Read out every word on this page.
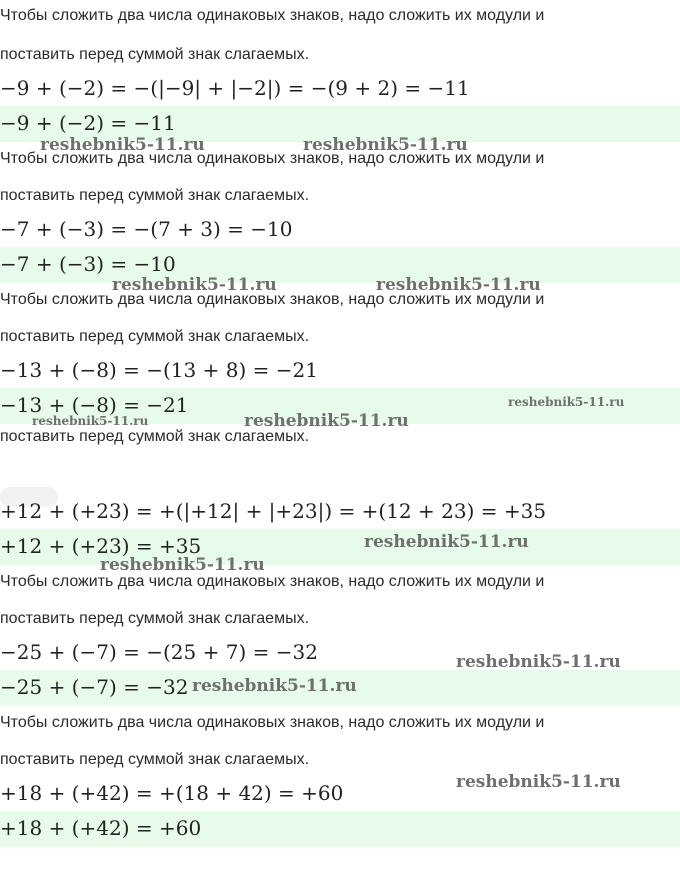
Чтобы сложить два числа одинаковых знаков, надо сложить их модули и
поставить перед суммой знак слагаемых.
−9 + (−2) = −(|−9| + |−2|) = −(9 + 2) = −11
−9 + (−2) = −11
Чтобы сложить два числа одинаковых знаков, надо сложить их модули и
поставить перед суммой знак слагаемых.
−7 + (−3) = −(7 + 3) = −10
−7 + (−3) = −10
Чтобы сложить два числа одинаковых знаков, надо сложить их модули и
поставить перед суммой знак слагаемых.
−13 + (−8) = −(13 + 8) = −21
−13 + (−8) = −21
поставить перед суммой знак слагаемых.
+12 + (+23) = +(|+12| + |+23|) = +(12 + 23) = +35
+12 + (+23) = +35
Чтобы сложить два числа одинаковых знаков, надо сложить их модули и
поставить перед суммой знак слагаемых.
−25 + (−7) = −(25 + 7) = −32
−25 + (−7) = −32
Чтобы сложить два числа одинаковых знаков, надо сложить их модули и
поставить перед суммой знак слагаемых.
+18 + (+42) = +(18 + 42) = +60
+18 + (+42) = +60
reshebnik5-11.ru	reshebnik5-11.ru
reshebnik5-11.ru	reshebnik5-11.ru
reshebnik5-11.ru
reshebnik5-11.ru	reshebnik5-11.ru
reshebnik5-11.ru
reshebnik5-11.ru
reshebnik5-11.ru
reshebnik5-11.ru
reshebnik5-11.ru
